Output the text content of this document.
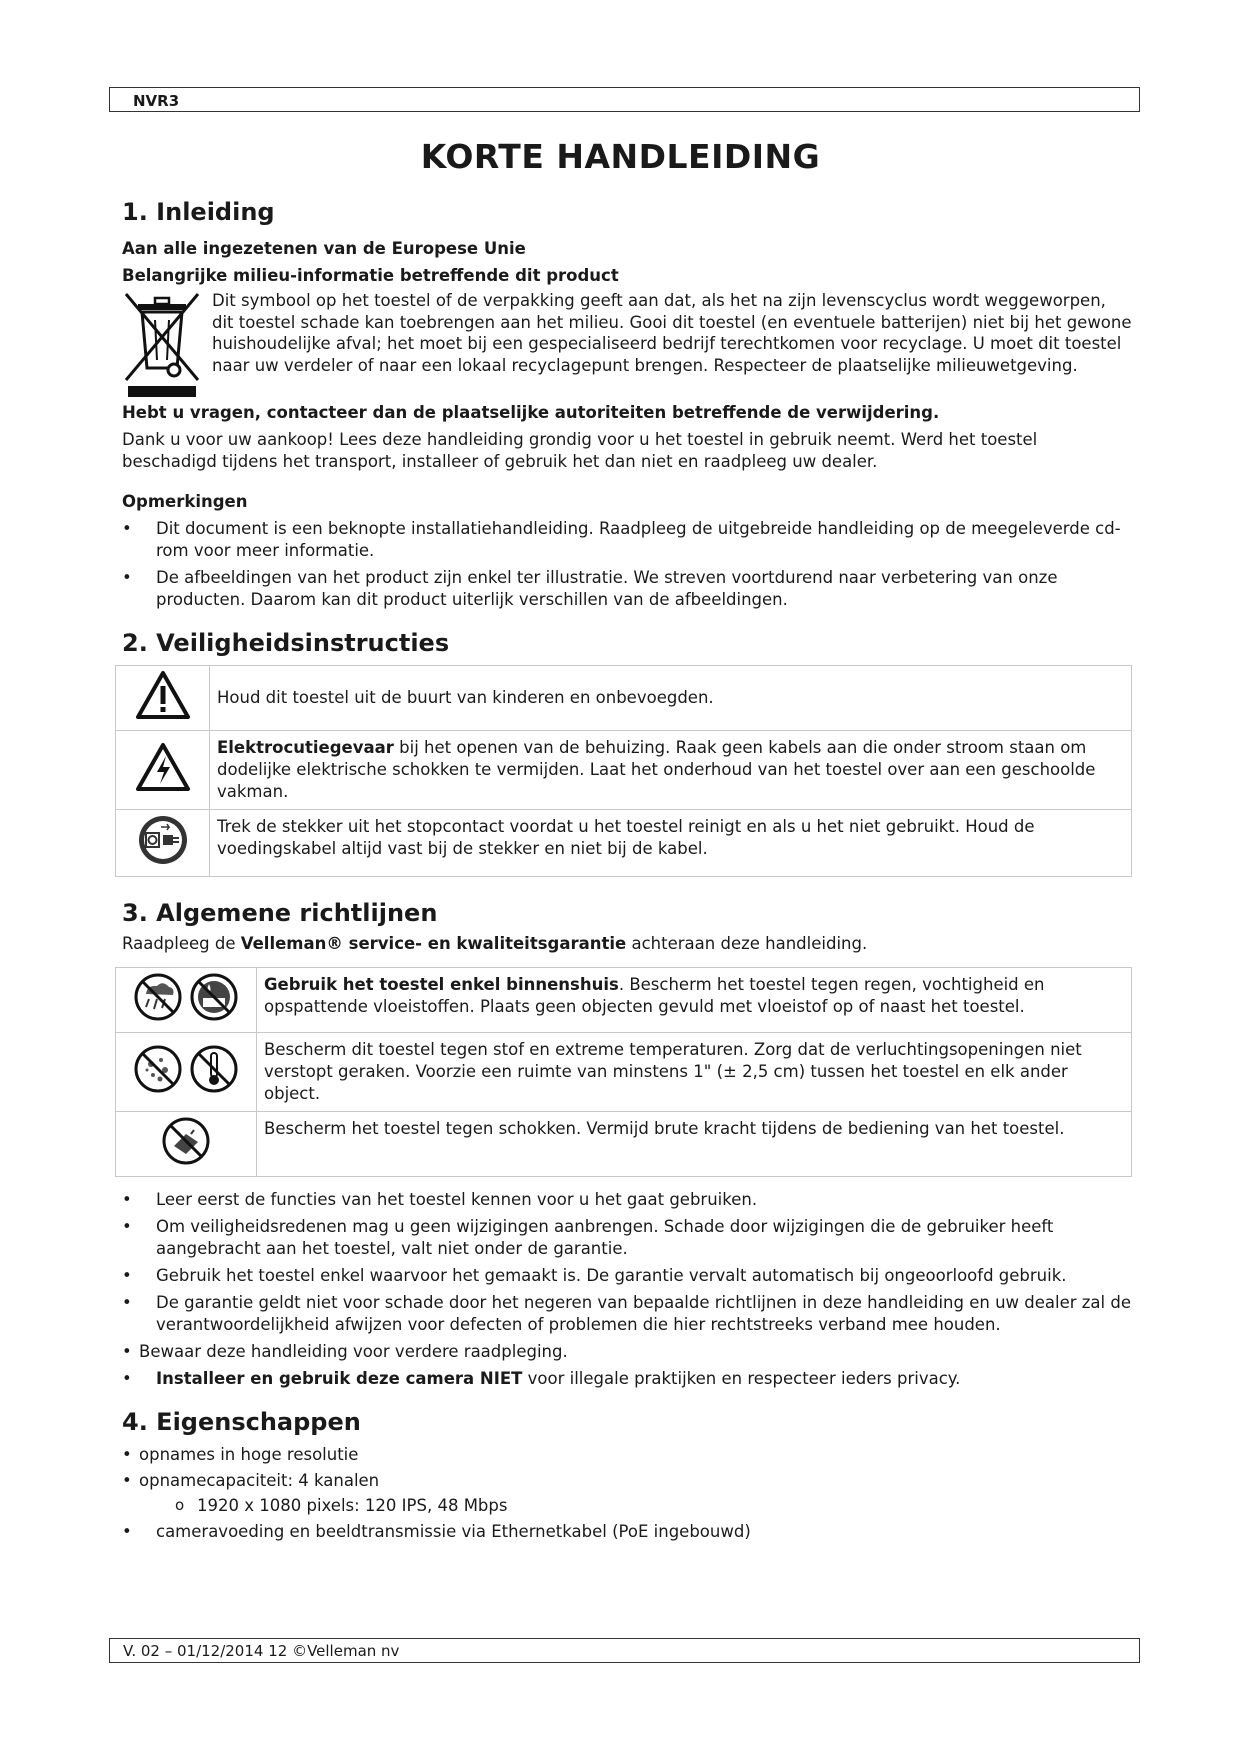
NVR3
KORTE HANDLEIDING
1. Inleiding

Aan alle ingezetenen van de Europese Unie

Belangrijke milieu-informatie betreffende dit product

Dit symbool op het toestel of de verpakking geeft aan dat, als het na zijn levenscyclus wordt weggeworpen, dit toestel schade kan toebrengen aan het milieu. Gooi dit toestel (en eventuele batterijen) niet bij het gewone huishoudelijke afval; het moet bij een gespecialiseerd bedrijf terechtkomen voor recyclage. U moet dit toestel naar uw verdeler of naar een lokaal recyclagepunt brengen. Respecteer de plaatselijke milieuwetgeving.

Hebt u vragen, contacteer dan de plaatselijke autoriteiten betreffende de verwijdering.

Dank u voor uw aankoop! Lees deze handleiding grondig voor u het toestel in gebruik neemt. Werd het toestel beschadigd tijdens het transport, installeer of gebruik het dan niet en raadpleeg uw dealer.

Opmerkingen

• Dit document is een beknopte installatiehandleiding. Raadpleeg de uitgebreide handleiding op de meegeleverde cd-rom voor meer informatie.
• De afbeeldingen van het product zijn enkel ter illustratie. We streven voortdurend naar verbetering van onze producten. Daarom kan dit product uiterlijk verschillen van de afbeeldingen.
2. Veiligheidsinstructies
	Houd dit toestel uit de buurt van kinderen en onbevoegden.
	Elektrocutiegevaar bij het openen van de behuizing. Raak geen kabels aan die onder stroom staan om dodelijke elektrische schokken te vermijden. Laat het onderhoud van het toestel over aan een geschoolde vakman.
	Trek de stekker uit het stopcontact voordat u het toestel reinigt en als u het niet gebruikt. Houd de voedingskabel altijd vast bij de stekker en niet bij de kabel.
3. Algemene richtlijnen

Raadpleeg de Velleman® service- en kwaliteitsgarantie achteraan deze handleiding.

	Gebruik het toestel enkel binnenshuis. Bescherm het toestel tegen regen, vochtigheid en opspattende vloeistoffen. Plaats geen objecten gevuld met vloeistof op of naast het toestel.
	Bescherm dit toestel tegen stof en extreme temperaturen. Zorg dat de verluchtingsopeningen niet verstopt geraken. Voorzie een ruimte van minstens 1" (± 2,5 cm) tussen het toestel en elk ander object.
	Bescherm het toestel tegen schokken. Vermijd brute kracht tijdens de bediening van het toestel.
• Leer eerst de functies van het toestel kennen voor u het gaat gebruiken.
• Om veiligheidsredenen mag u geen wijzigingen aanbrengen. Schade door wijzigingen die de gebruiker heeft aangebracht aan het toestel, valt niet onder de garantie.
• Gebruik het toestel enkel waarvoor het gemaakt is. De garantie vervalt automatisch bij ongeoorloofd gebruik.
• De garantie geldt niet voor schade door het negeren van bepaalde richtlijnen in deze handleiding en uw dealer zal de verantwoordelijkheid afwijzen voor defecten of problemen die hier rechtstreeks verband mee houden.
• Bewaar deze handleiding voor verdere raadpleging.
• Installeer en gebruik deze camera NIET voor illegale praktijken en respecteer ieders privacy.
4. Eigenschappen
• opnames in hoge resolutie
• opnamecapaciteit: 4 kanalen
o 1920 x 1080 pixels: 120 IPS, 48 Mbps
• cameravoeding en beeldtransmissie via Ethernetkabel (PoE ingebouwd)
V. 02 – 01/12/2014 12 ©Velleman nv
